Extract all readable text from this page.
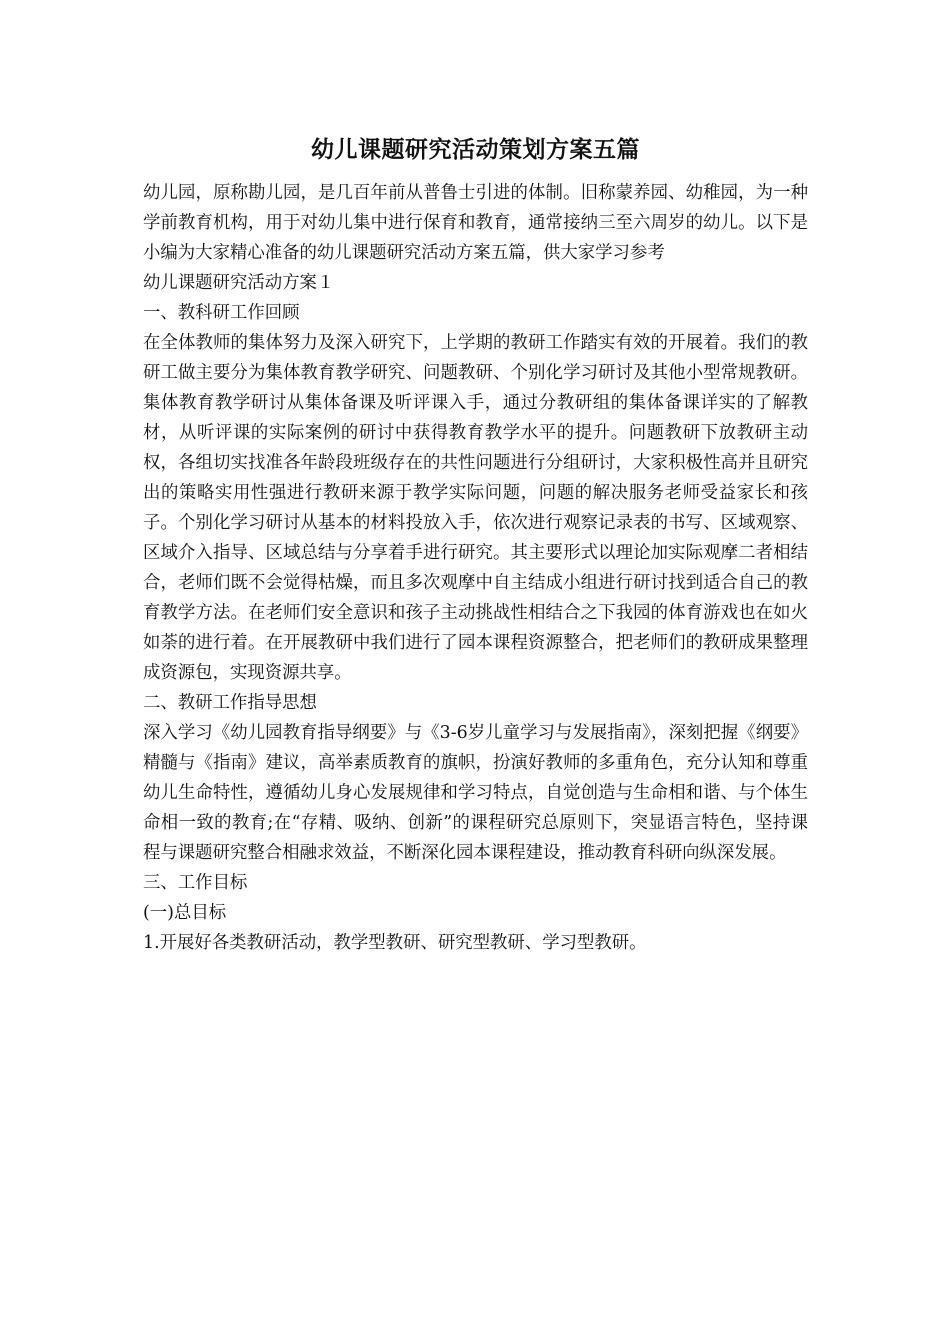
幼儿课题研究活动策划方案五篇

幼儿园，原称勘儿园，是几百年前从普鲁士引进的体制。旧称蒙养园、幼稚园，为一种学前教育机构，用于对幼儿集中进行保育和教育，通常接纳三至六周岁的幼儿。以下是小编为大家精心准备的幼儿课题研究活动方案五篇，供大家学习参考

幼儿课题研究活动方案１

一、教科研工作回顾

在全体教师的集体努力及深入研究下，上学期的教研工作踏实有效的开展着。我们的教研工做主要分为集体教育教学研究、问题教研、个别化学习研讨及其他小型常规教研。集体教育教学研讨从集体备课及听评课入手，通过分教研组的集体备课详实的了解教材，从听评课的实际案例的研讨中获得教育教学水平的提升。问题教研下放教研主动权，各组切实找准各年龄段班级存在的共性问题进行分组研讨，大家积极性高并且研究出的策略实用性强进行教研来源于教学实际问题，问题的解决服务老师受益家长和孩子。个别化学习研讨从基本的材料投放入手，依次进行观察记录表的书写、区域观察、区域介入指导、区域总结与分享着手进行研究。其主要形式以理论加实际观摩二者相结合，老师们既不会觉得枯燥，而且多次观摩中自主结成小组进行研讨找到适合自己的教育教学方法。在老师们安全意识和孩子主动挑战性相结合之下我园的体育游戏也在如火如荼的进行着。在开展教研中我们进行了园本课程资源整合，把老师们的教研成果整理成资源包，实现资源共享。

二、教研工作指导思想

深入学习《幼儿园教育指导纲要》与《3-6岁儿童学习与发展指南》，深刻把握《纲要》精髓与《指南》建议，高举素质教育的旗帜，扮演好教师的多重角色，充分认知和尊重幼儿生命特性，遵循幼儿身心发展规律和学习特点，自觉创造与生命相和谐、与个体生命相一致的教育;在“存精、吸纳、创新”的课程研究总原则下，突显语言特色，坚持课程与课题研究整合相融求效益，不断深化园本课程建设，推动教育科研向纵深发展。

三、工作目标

(一)总目标

1.开展好各类教研活动，教学型教研、研究型教研、学习型教研。
